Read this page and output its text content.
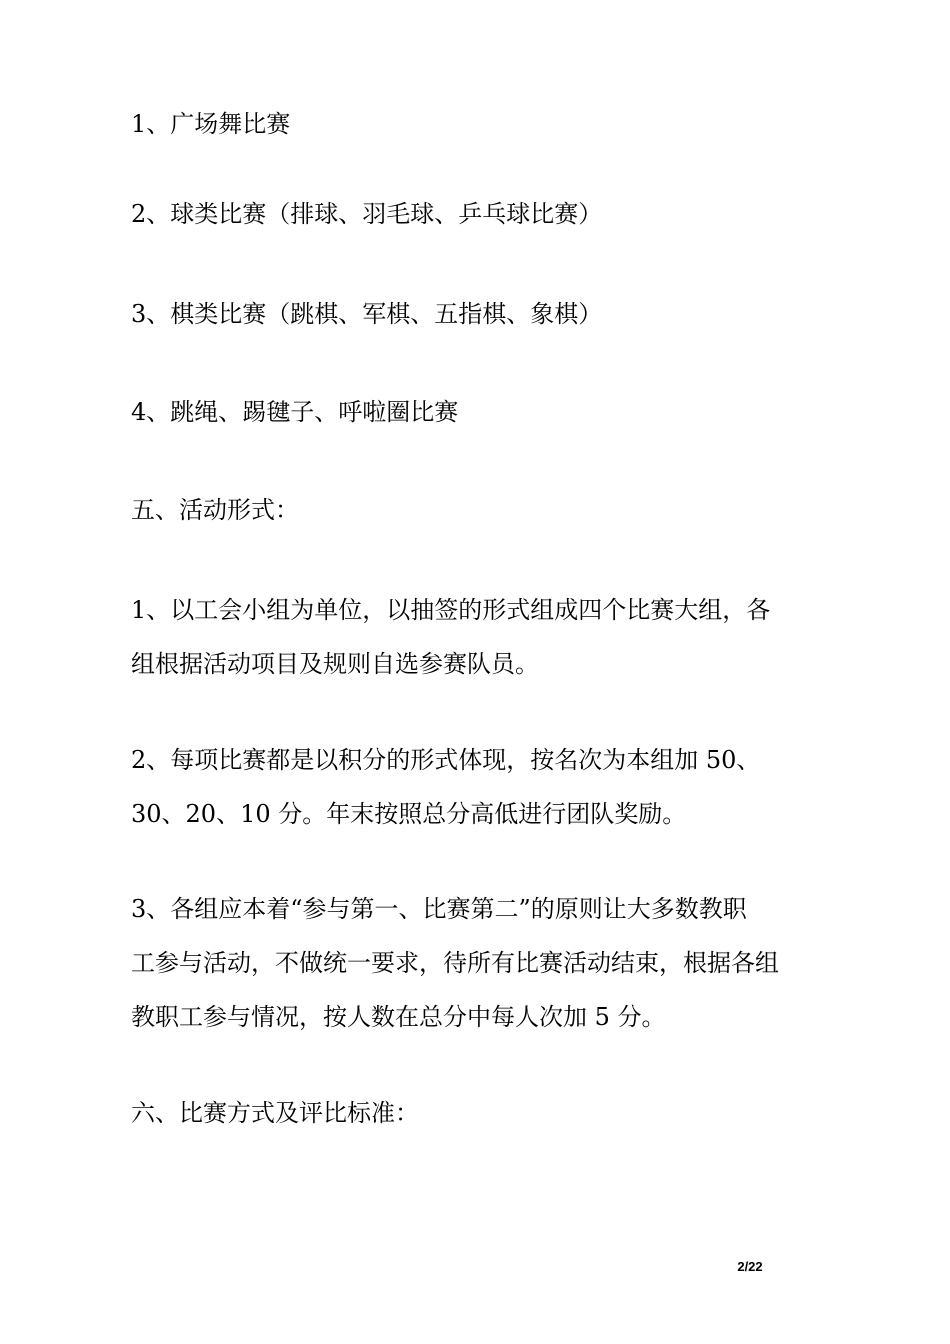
1、广场舞比赛

2、球类比赛（排球、羽毛球、乒乓球比赛）

3、棋类比赛（跳棋、军棋、五指棋、象棋）

4、跳绳、踢毽子、呼啦圈比赛

五、活动形式：

1、以工会小组为单位，以抽签的形式组成四个比赛大组，各
组根据活动项目及规则自选参赛队员。

2、每项比赛都是以积分的形式体现，按名次为本组加 50、
30、20、10 分。年末按照总分高低进行团队奖励。

3、各组应本着“参与第一、比赛第二”的原则让大多数教职
工参与活动，不做统一要求，待所有比赛活动结束，根据各组
教职工参与情况，按人数在总分中每人次加 5 分。

六、比赛方式及评比标准：

2/22
